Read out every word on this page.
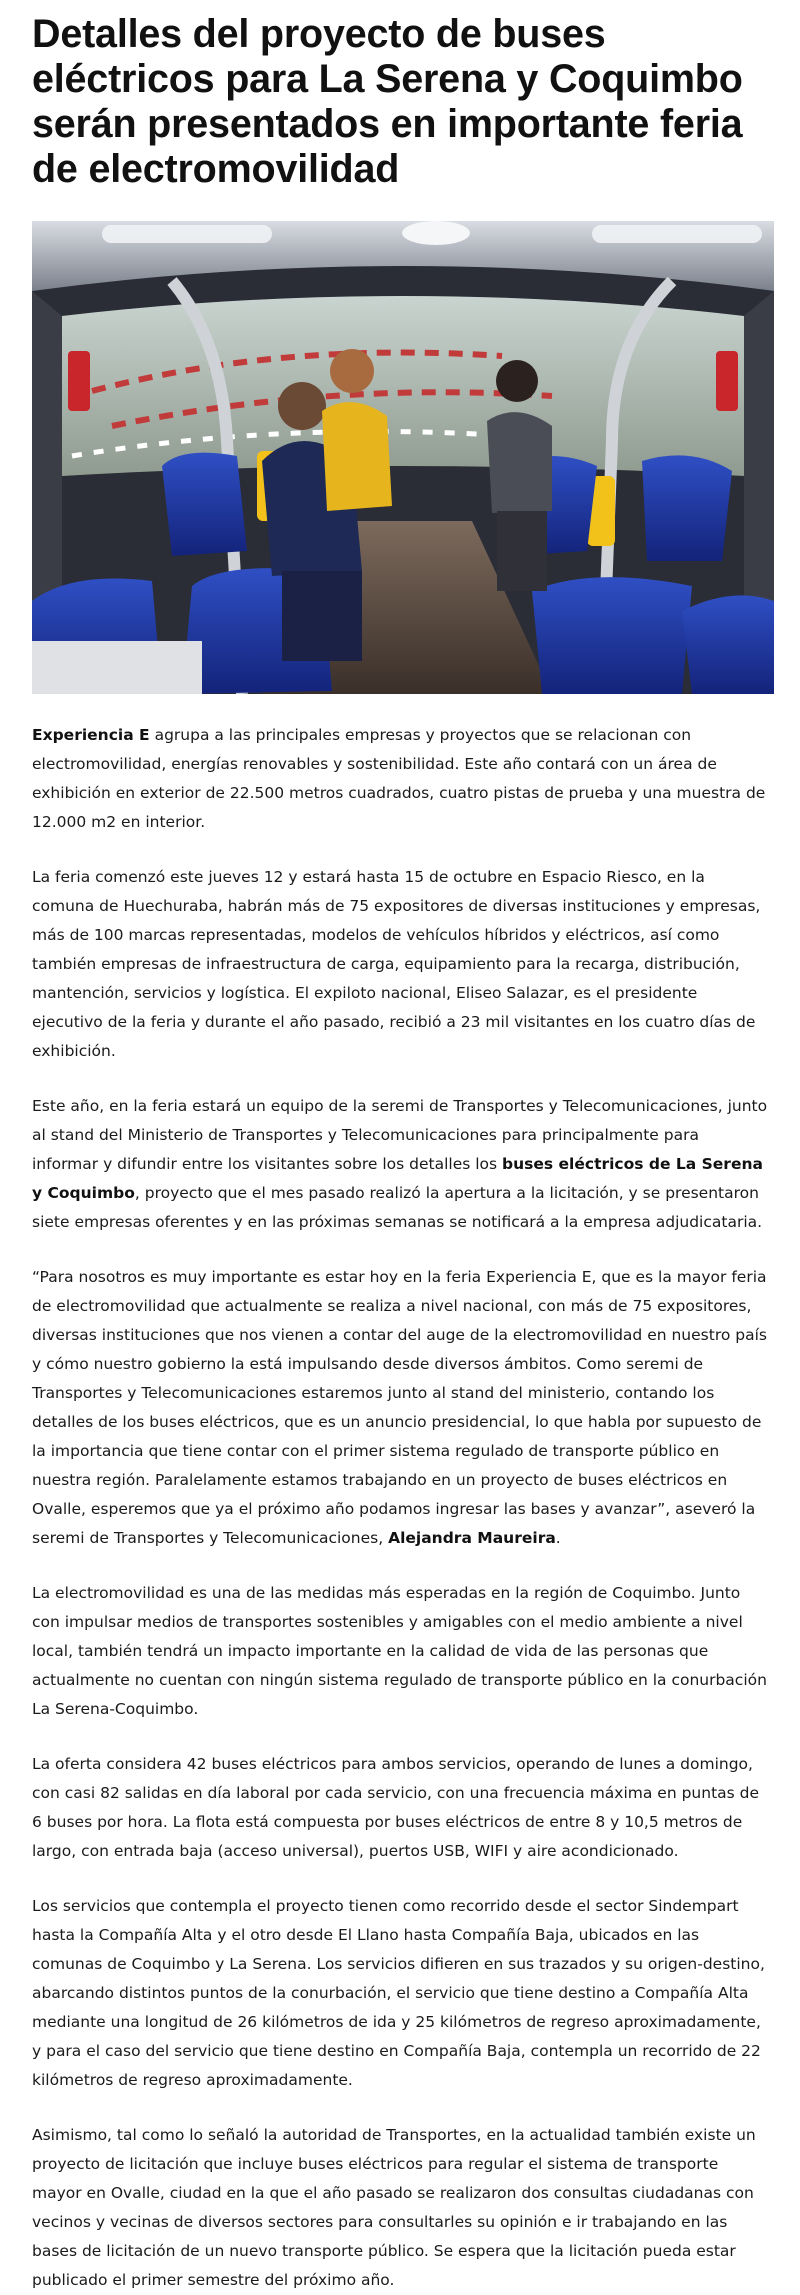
Detalles del proyecto de buses eléctricos para La Serena y Coquimbo serán presentados en importante feria de electromovilidad

Experiencia E agrupa a las principales empresas y proyectos que se relacionan con electromovilidad, energías renovables y sostenibilidad. Este año contará con un área de exhibición en exterior de 22.500 metros cuadrados, cuatro pistas de prueba y una muestra de 12.000 m2 en interior.

La feria comenzó este jueves 12 y estará hasta 15 de octubre en Espacio Riesco, en la comuna de Huechuraba, habrán más de 75 expositores de diversas instituciones y empresas, más de 100 marcas representadas, modelos de vehículos híbridos y eléctricos, así como también empresas de infraestructura de carga, equipamiento para la recarga, distribución, mantención, servicios y logística. El expiloto nacional, Eliseo Salazar, es el presidente ejecutivo de la feria y durante el año pasado, recibió a 23 mil visitantes en los cuatro días de exhibición.

Este año, en la feria estará un equipo de la seremi de Transportes y Telecomunicaciones, junto al stand del Ministerio de Transportes y Telecomunicaciones para principalmente para informar y difundir entre los visitantes sobre los detalles los buses eléctricos de La Serena y Coquimbo, proyecto que el mes pasado realizó la apertura a la licitación, y se presentaron siete empresas oferentes y en las próximas semanas se notificará a la empresa adjudicataria.

“Para nosotros es muy importante es estar hoy en la feria Experiencia E, que es la mayor feria de electromovilidad que actualmente se realiza a nivel nacional, con más de 75 expositores, diversas instituciones que nos vienen a contar del auge de la electromovilidad en nuestro país y cómo nuestro gobierno la está impulsando desde diversos ámbitos. Como seremi de Transportes y Telecomunicaciones estaremos junto al stand del ministerio, contando los detalles de los buses eléctricos, que es un anuncio presidencial, lo que habla por supuesto de la importancia que tiene contar con el primer sistema regulado de transporte público en nuestra región. Paralelamente estamos trabajando en un proyecto de buses eléctricos en Ovalle, esperemos que ya el próximo año podamos ingresar las bases y avanzar”, aseveró la seremi de Transportes y Telecomunicaciones, Alejandra Maureira.

La electromovilidad es una de las medidas más esperadas en la región de Coquimbo. Junto con impulsar medios de transportes sostenibles y amigables con el medio ambiente a nivel local, también tendrá un impacto importante en la calidad de vida de las personas que actualmente no cuentan con ningún sistema regulado de transporte público en la conurbación La Serena-Coquimbo.

La oferta considera 42 buses eléctricos para ambos servicios, operando de lunes a domingo, con casi 82 salidas en día laboral por cada servicio, con una frecuencia máxima en puntas de 6 buses por hora. La flota está compuesta por buses eléctricos de entre 8 y 10,5 metros de largo, con entrada baja (acceso universal), puertos USB, WIFI y aire acondicionado.

Los servicios que contempla el proyecto tienen como recorrido desde el sector Sindempart hasta la Compañía Alta y el otro desde El Llano hasta Compañía Baja, ubicados en las comunas de Coquimbo y La Serena. Los servicios difieren en sus trazados y su origen-destino, abarcando distintos puntos de la conurbación, el servicio que tiene destino a Compañía Alta mediante una longitud de 26 kilómetros de ida y 25 kilómetros de regreso aproximadamente, y para el caso del servicio que tiene destino en Compañía Baja, contempla un recorrido de 22 kilómetros de regreso aproximadamente.

Asimismo, tal como lo señaló la autoridad de Transportes, en la actualidad también existe un proyecto de licitación que incluye buses eléctricos para regular el sistema de transporte mayor en Ovalle, ciudad en la que el año pasado se realizaron dos consultas ciudadanas con vecinos y vecinas de diversos sectores para consultarles su opinión e ir trabajando en las bases de licitación de un nuevo transporte público. Se espera que la licitación pueda estar publicado el primer semestre del próximo año.
